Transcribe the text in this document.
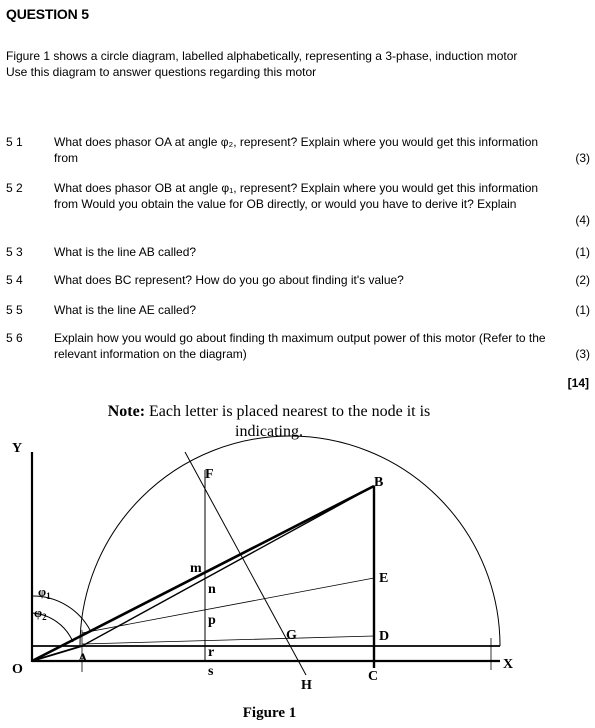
QUESTION 5
Figure 1 shows a circle diagram, labelled alphabetically, representing a 3-phase, induction motor Use this diagram to answer questions regarding this motor
5 1	What does phasor OA at angle φ₂, represent? Explain where you would get this information from	(3)
5 2	What does phasor OB at angle φ₁, represent? Explain where you would get this information from Would you obtain the value for OB directly, or would you have to derive it? Explain
(4)
5 3	What is the line AB called?	(1)
5 4	What does BC represent? How do you go about finding it's value?	(2)
5 5	What is the line AE called?	(1)
5 6	Explain how you would go about finding th maximum output power of this motor (Refer to the relevant information on the diagram)	(3)
[14]
Note: Each letter is placed nearest to the node it is indicating.
Y
X
O
A
B
C
D
E
F
G
H
m
n
p
r
s
$\varphi_1$
$\varphi_2$
Figure 1
